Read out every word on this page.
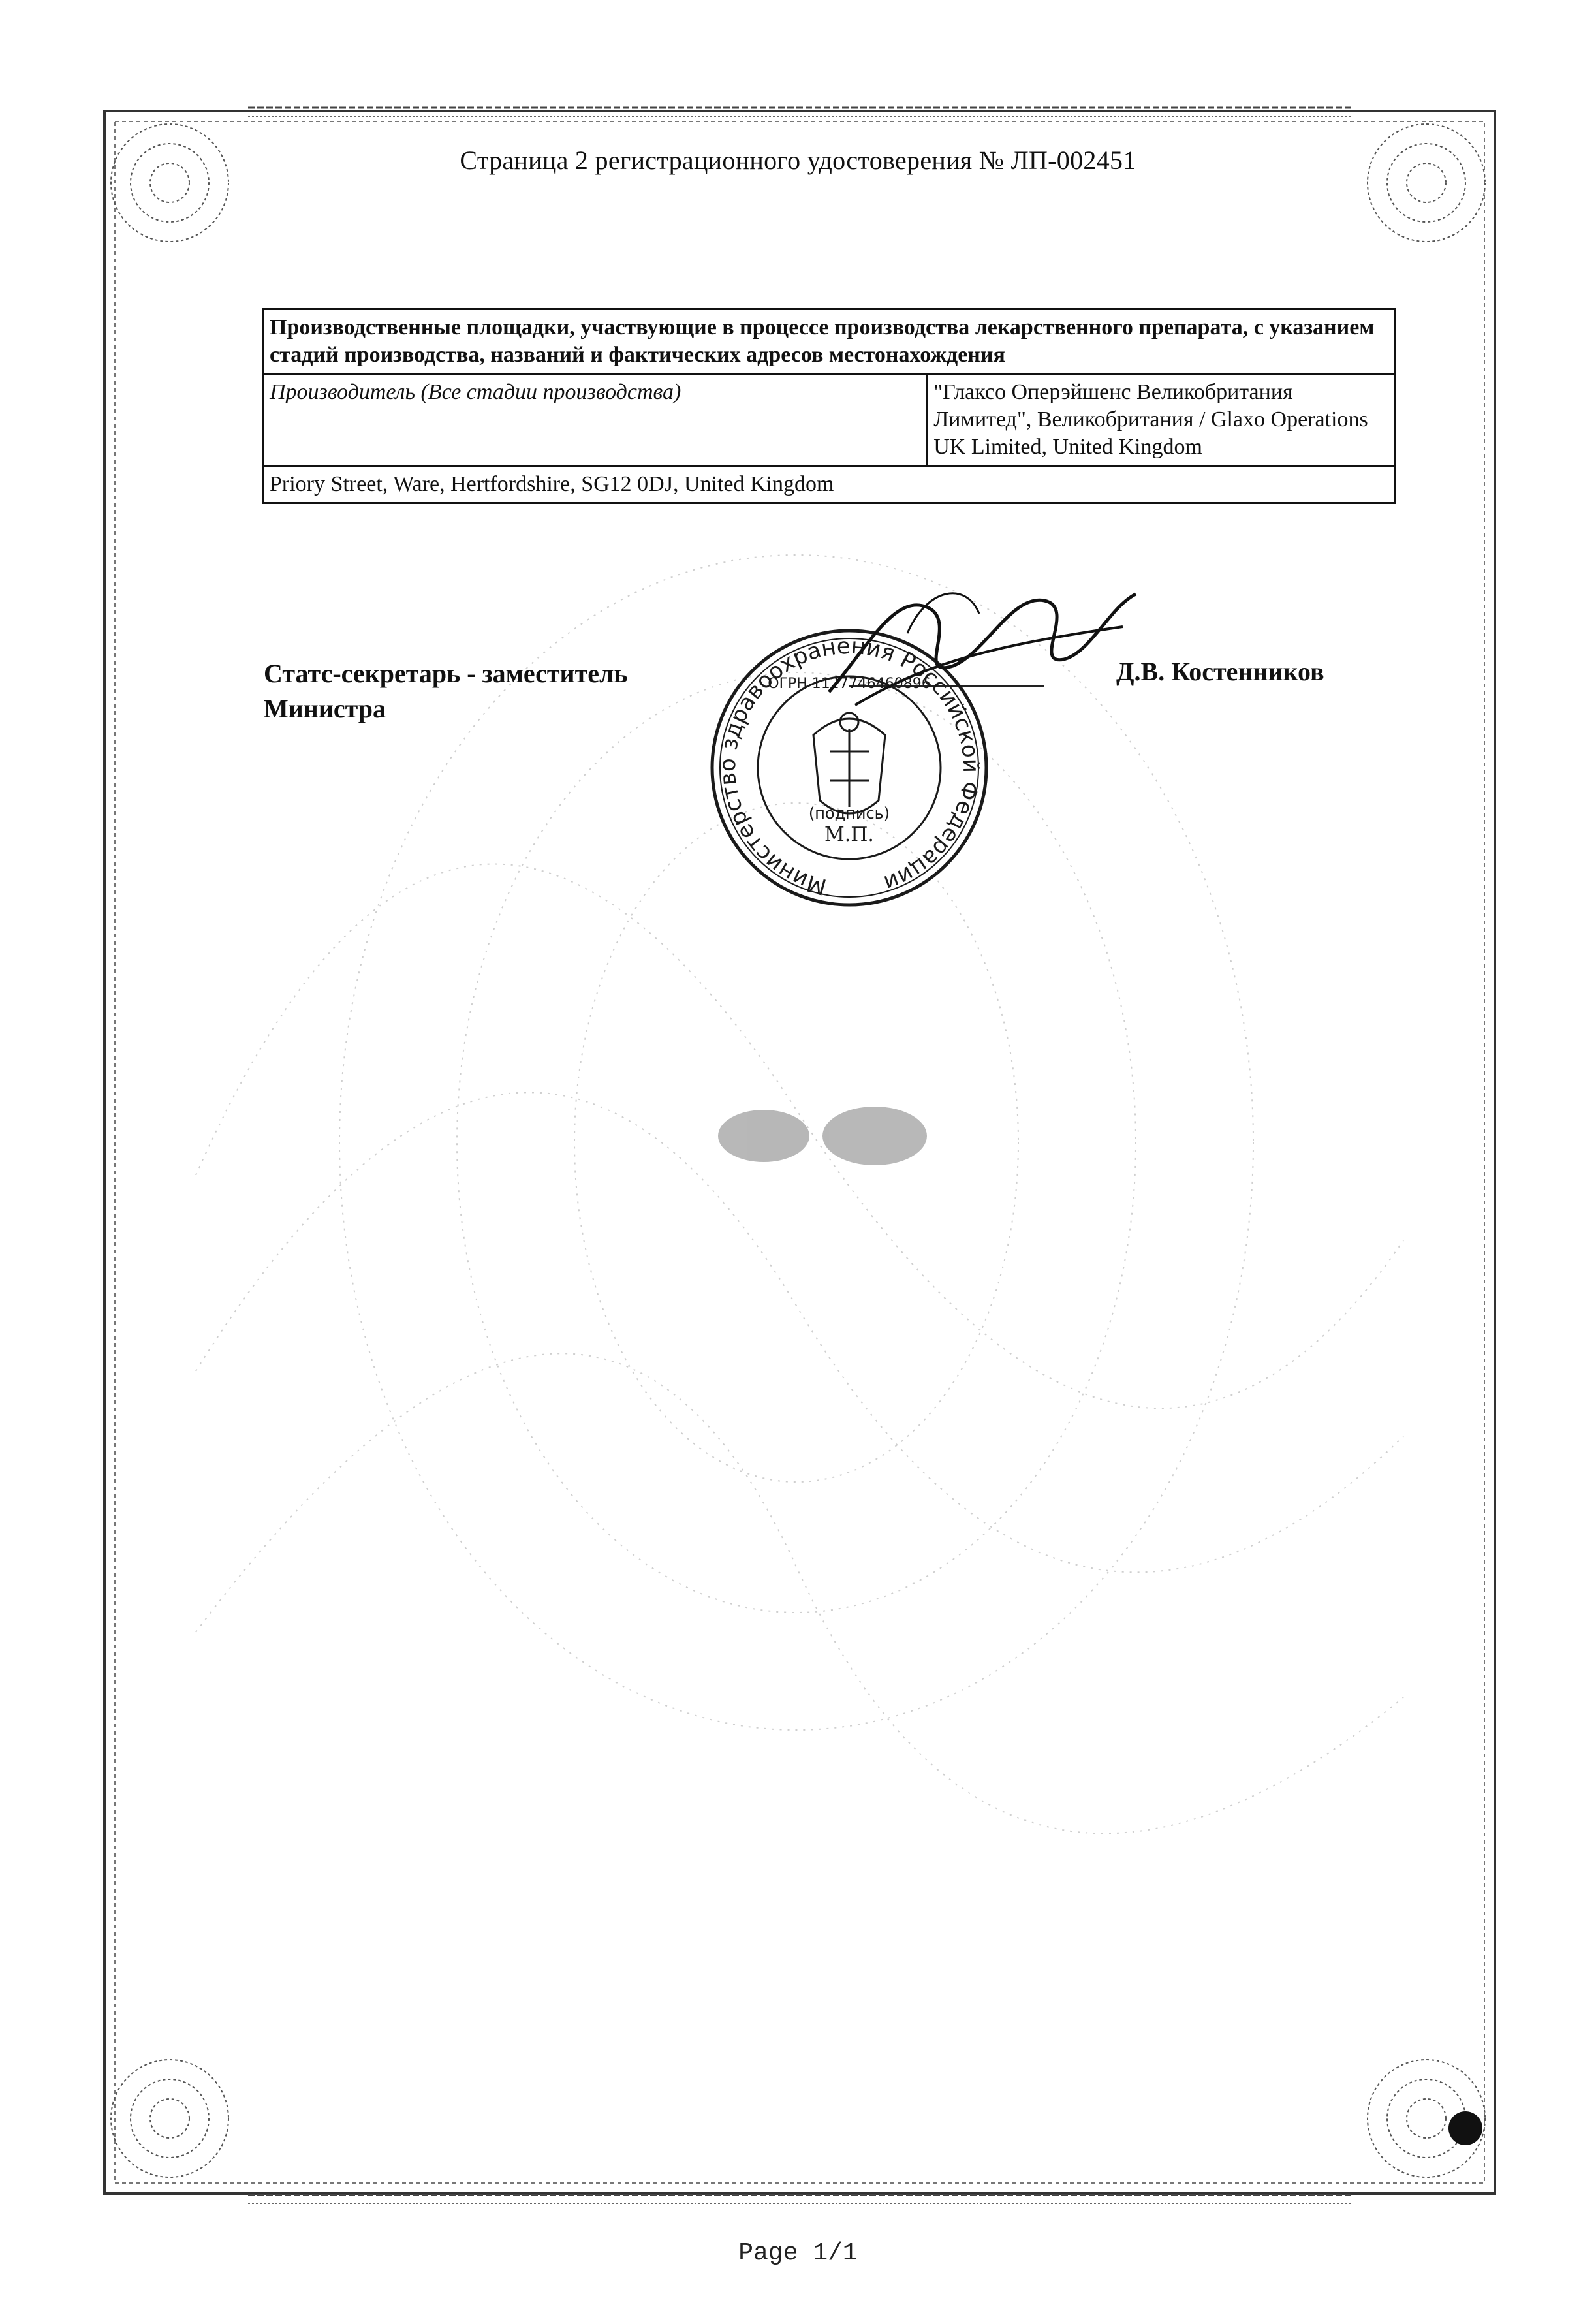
Страница 2 регистрационного удостоверения № ЛП-002451
Производственные площадки, участвующие в процессе производства лекарственного препарата, с указанием стадий производства, названий и фактических адресов местонахождения
Производитель (Все стадии производства)	"Глаксо Оперэйшенс Великобритания Лимитед", Великобритания / Glaxo Operations UK Limited, United Kingdom
Priory Street, Ware, Hertfordshire, SG12 0DJ, United Kingdom
Статс-секретарь - заместитель
Министра
Д.В. Костенников
Министерство здравоохранения Российской Федерации
(подпись)
М.П.
ОГРН 1127746460896
Page 1/1
